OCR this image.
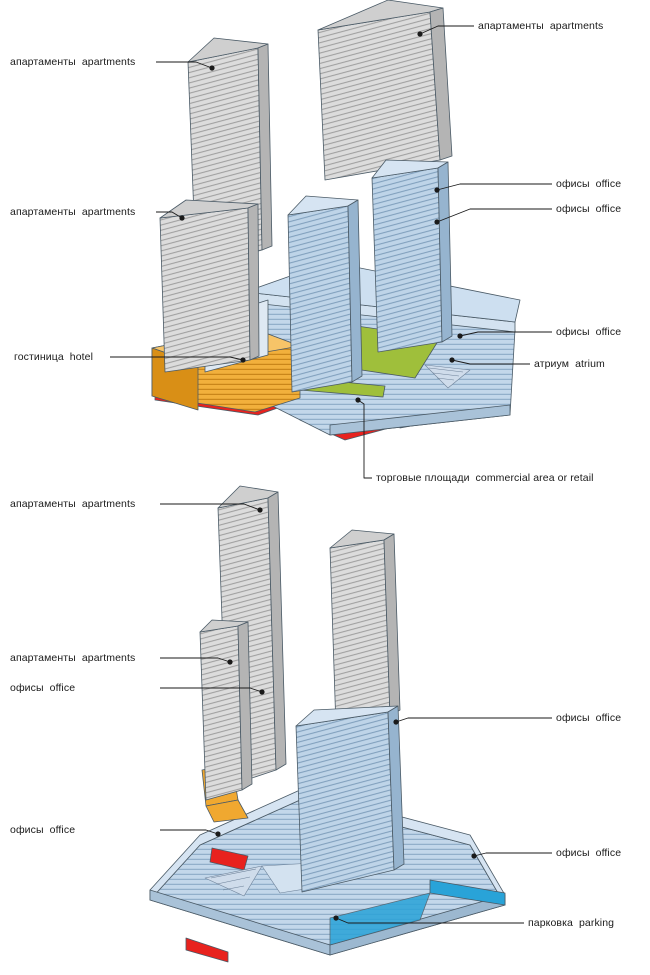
апартаменты apartments
апартаменты apartments
офисы office
офисы office
апартаменты apartments
офисы office
гостиница hotel
атриум atrium
торговые площади commercial area or retail
апартаменты apartments
апартаменты apartments
офисы office
офисы office
офисы office
офисы office
парковка parking
